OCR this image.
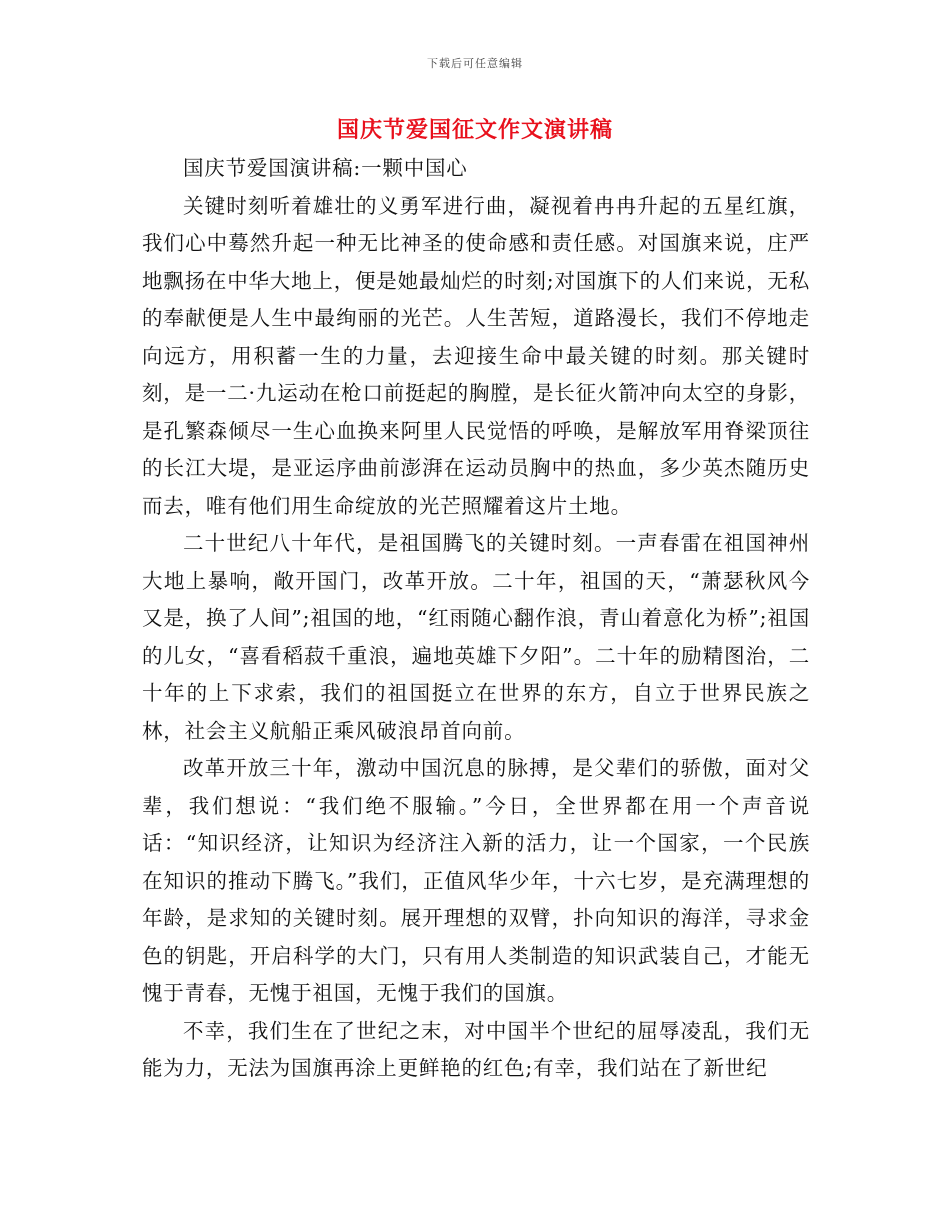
下载后可任意编辑
国庆节爱国征文作文演讲稿

国庆节爱国演讲稿:一颗中国心

关键时刻听着雄壮的义勇军进行曲，凝视着冉冉升起的五星红旗，我们心中蓦然升起一种无比神圣的使命感和责任感。对国旗来说，庄严地飘扬在中华大地上，便是她最灿烂的时刻;对国旗下的人们来说，无私的奉献便是人生中最绚丽的光芒。人生苦短，道路漫长，我们不停地走向远方，用积蓄一生的力量，去迎接生命中最关键的时刻。那关键时刻，是一二·九运动在枪口前挺起的胸膛，是长征火箭冲向太空的身影，是孔繁森倾尽一生心血换来阿里人民觉悟的呼唤，是解放军用脊梁顶往的长江大堤，是亚运序曲前澎湃在运动员胸中的热血，多少英杰随历史而去，唯有他们用生命绽放的光芒照耀着这片土地。

二十世纪八十年代，是祖国腾飞的关键时刻。一声春雷在祖国神州大地上暴响，敞开国门，改革开放。二十年，祖国的天，“萧瑟秋风今又是，换了人间”;祖国的地，“红雨随心翻作浪，青山着意化为桥”;祖国的儿女，“喜看稻菽千重浪，遍地英雄下夕阳”。二十年的励精图治，二十年的上下求索，我们的祖国挺立在世界的东方，自立于世界民族之林，社会主义航船正乘风破浪昂首向前。

改革开放三十年，激动中国沉息的脉搏，是父辈们的骄傲，面对父辈，我们想说：“我们绝不服输。”今日，全世界都在用一个声音说话：“知识经济，让知识为经济注入新的活力，让一个国家，一个民族在知识的推动下腾飞。”我们，正值风华少年，十六七岁，是充满理想的年龄，是求知的关键时刻。展开理想的双臂，扑向知识的海洋，寻求金色的钥匙，开启科学的大门，只有用人类制造的知识武装自己，才能无愧于青春，无愧于祖国，无愧于我们的国旗。

不幸，我们生在了世纪之末，对中国半个世纪的屈辱凌乱，我们无能为力，无法为国旗再涂上更鲜艳的红色;有幸，我们站在了新世纪
